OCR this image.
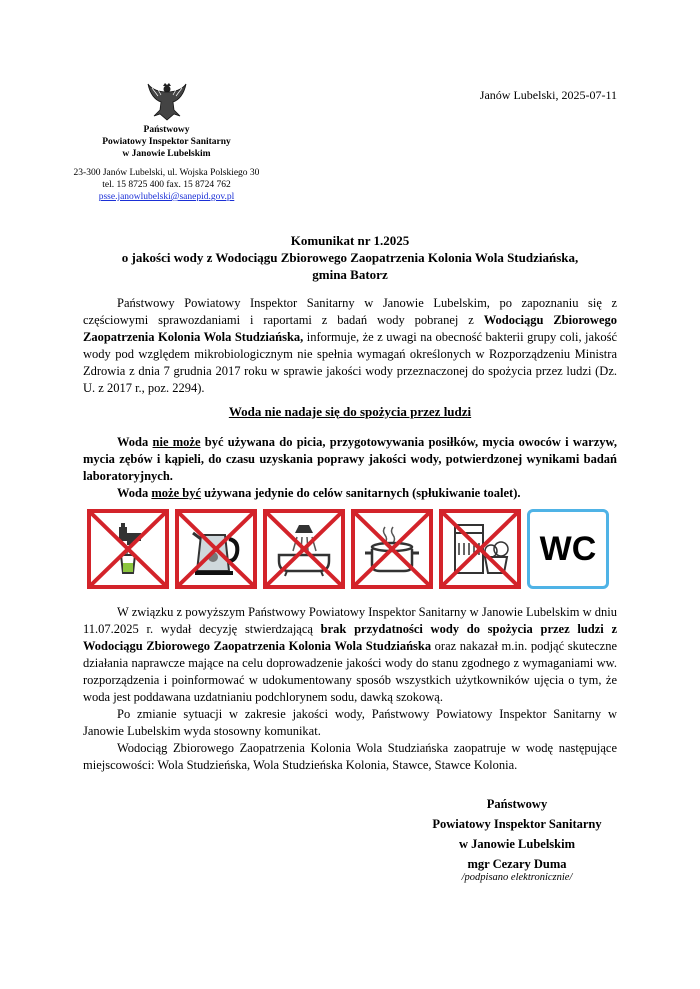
Janów Lubelski, 2025-07-11
Państwowy
Powiatowy Inspektor Sanitarny
w Janowie Lubelskim
23-300 Janów Lubelski, ul. Wojska Polskiego 30
tel. 15 8725 400 fax. 15 8724 762
psse.janowlubelski@sanepid.gov.pl
Komunikat nr 1.2025
o jakości wody z Wodociągu Zbiorowego Zaopatrzenia Kolonia Wola Studziańska,
gmina Batorz

Państwowy Powiatowy Inspektor Sanitarny w Janowie Lubelskim, po zapoznaniu się z częściowymi sprawozdaniami i raportami z badań wody pobranej z Wodociągu Zbiorowego Zaopatrzenia Kolonia Wola Studziańska, informuje, że z uwagi na obecność bakterii grupy coli, jakość wody pod względem mikrobiologicznym nie spełnia wymagań określonych w Rozporządzeniu Ministra Zdrowia z dnia 7 grudnia 2017 roku w sprawie jakości wody przeznaczonej do spożycia przez ludzi (Dz. U. z 2017 r., poz. 2294).

Woda nie nadaje się do spożycia przez ludzi

Woda nie może być używana do picia, przygotowywania posiłków, mycia owoców i warzyw, mycia zębów i kąpieli, do czasu uzyskania poprawy jakości wody, potwierdzonej wynikami badań laboratoryjnych.

Woda może być używana jedynie do celów sanitarnych (spłukiwanie toalet).

WC

W związku z powyższym Państwowy Powiatowy Inspektor Sanitarny w Janowie Lubelskim w dniu 11.07.2025 r. wydał decyzję stwierdzającą brak przydatności wody do spożycia przez ludzi z Wodociągu Zbiorowego Zaopatrzenia Kolonia Wola Studziańska oraz nakazał m.in. podjąć skuteczne działania naprawcze mające na celu doprowadzenie jakości wody do stanu zgodnego z wymaganiami ww. rozporządzenia i poinformować w udokumentowany sposób wszystkich użytkowników ujęcia o tym, że woda jest poddawana uzdatnianiu podchlorynem sodu, dawką szokową.

Po zmianie sytuacji w zakresie jakości wody, Państwowy Powiatowy Inspektor Sanitarny w Janowie Lubelskim wyda stosowny komunikat.

Wodociąg Zbiorowego Zaopatrzenia Kolonia Wola Studziańska zaopatruje w wodę następujące miejscowości: Wola Studzieńska, Wola Studzieńska Kolonia, Stawce, Stawce Kolonia.

Państwowy
Powiatowy Inspektor Sanitarny
w Janowie Lubelskim
mgr Cezary Duma
/podpisano elektronicznie/
